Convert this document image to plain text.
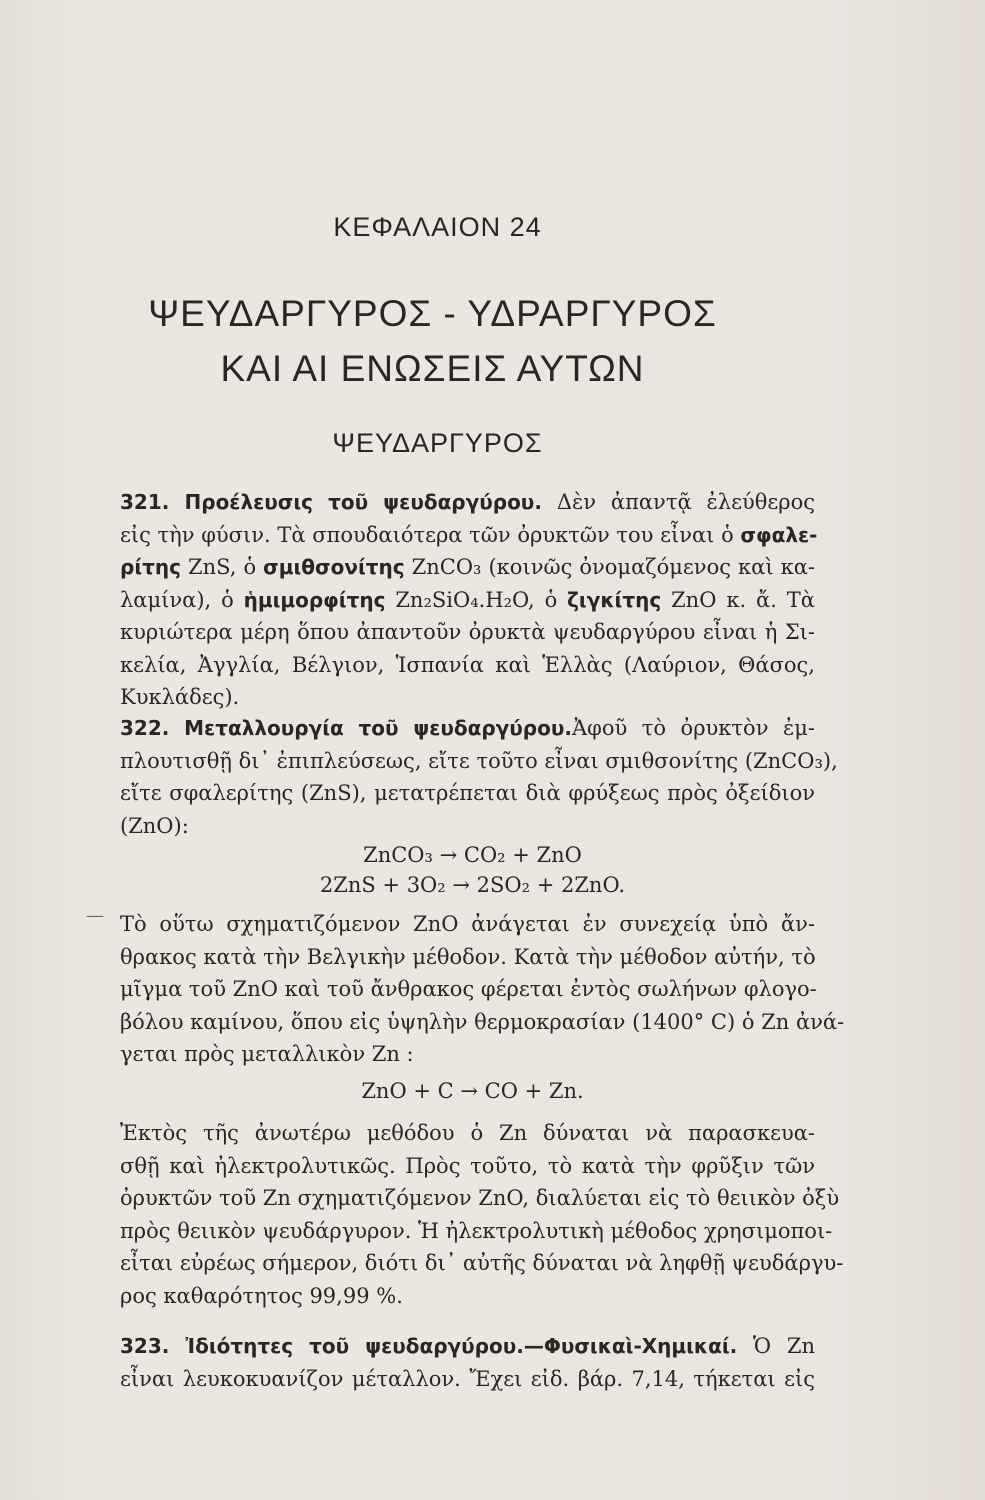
ΚΕΦΑΛΑΙΟΝ 24
ΨΕΥΔΑΡΓΥΡΟΣ - ΥΔΡΑΡΓΥΡΟΣ
ΚΑΙ ΑΙ ΕΝΩΣΕΙΣ ΑΥΤΩΝ
ΨΕΥΔΑΡΓΥΡΟΣ
321. Προέλευσις τοῦ ψευδαργύρου. Δὲν ἀπαντᾷ ἐλεύθερος
εἰς τὴν φύσιν. Τὰ σπουδαιότερα τῶν ὀρυκτῶν του εἶναι ὁ σφαλε-
ρίτης ZnS, ὁ σμιθσονίτης ZnCO₃ (κοινῶς ὀνομαζόμενος καὶ κα-
λαμίνα), ὁ ἡμιμορφίτης Zn₂SiO₄.H₂O, ὁ ζιγκίτης ZnO κ. ἄ. Τὰ
κυριώτερα μέρη ὅπου ἀπαντοῦν ὀρυκτὰ ψευδαργύρου εἶναι ἡ Σι-
κελία, Ἀγγλία, Βέλγιον, Ἱσπανία καὶ Ἑλλὰς (Λαύριον, Θάσος,
Κυκλάδες).
322. Μεταλλουργία τοῦ ψευδαργύρου.Ἀφοῦ τὸ ὀρυκτὸν ἐμ-
πλουτισθῇ δι᾽ ἐπιπλεύσεως, εἴτε τοῦτο εἶναι σμιθσονίτης (ZnCO₃),
εἴτε σφαλερίτης (ZnS), μετατρέπεται διὰ φρύξεως πρὸς ὀξείδιον
(ZnO):
ZnCO₃ → CO₂ + ZnO
2ZnS + 3O₂ → 2SO₂ + 2ZnO.
— Τὸ οὕτω σχηματιζόμενον ZnO ἀνάγεται ἐν συνεχείᾳ ὑπὸ ἄν-
θρακος κατὰ τὴν Βελγικὴν μέθοδον. Κατὰ τὴν μέθοδον αὐτήν, τὸ
μῖγμα τοῦ ZnO καὶ τοῦ ἄνθρακος φέρεται ἐντὸς σωλήνων φλογο-
βόλου καμίνου, ὅπου εἰς ὑψηλὴν θερμοκρασίαν (1400° C) ὁ Zn ἀνά-
γεται πρὸς μεταλλικὸν Zn :
ZnO + C → CO + Zn.
Ἐκτὸς τῆς ἀνωτέρω μεθόδου ὁ Zn δύναται νὰ παρασκευα-
σθῇ καὶ ἠλεκτρολυτικῶς. Πρὸς τοῦτο, τὸ κατὰ τὴν φρῦξιν τῶν
ὀρυκτῶν τοῦ Zn σχηματιζόμενον ZnO, διαλύεται εἰς τὸ θειικὸν ὀξὺ
πρὸς θειικὸν ψευδάργυρον. Ἡ ἠλεκτρολυτικὴ μέθοδος χρησιμοποι-
εἶται εὐρέως σήμερον, διότι δι᾽ αὐτῆς δύναται νὰ ληφθῇ ψευδάργυ-
ρος καθαρότητος 99,99 %.
323. Ἰδιότητες τοῦ ψευδαργύρου.—Φυσικαὶ-Χημικαί. Ὁ Zn
εἶναι λευκοκυανίζον μέταλλον. Ἔχει εἰδ. βάρ. 7,14, τήκεται εἰς
